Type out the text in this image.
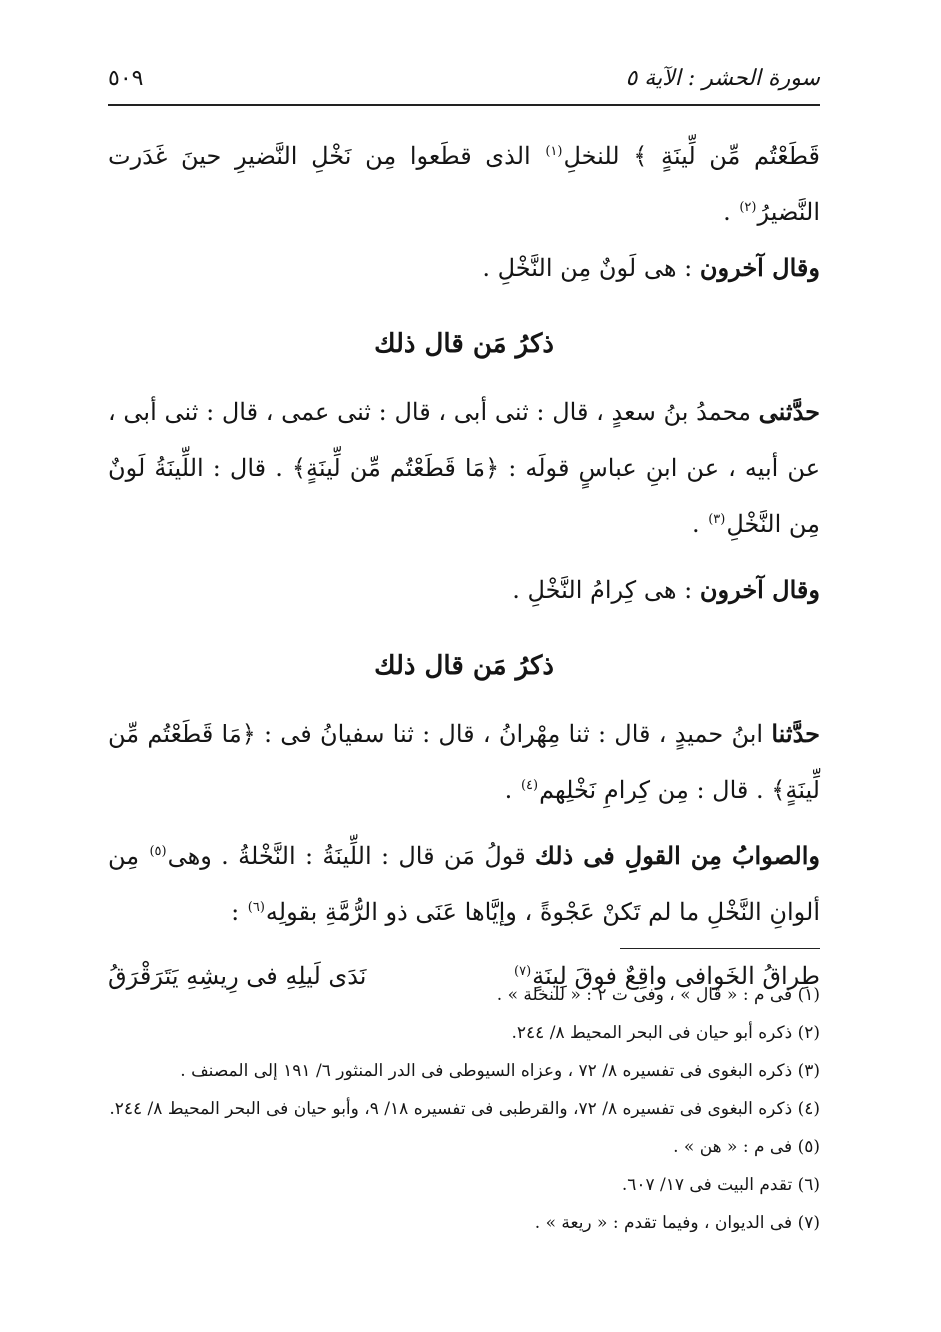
سورة الحشر : الآية ٥
٥٠٩

قَطَعْتُم مِّن لِّينَةٍ ﴾ للنخلِ$^{(١)}$ الذى قطَعوا مِن نَخْلِ النَّضيرِ حينَ غَدَرت النَّضيرُ$^{(٢)}$ .

وقال آخرون : هى لَونٌ مِن النَّخْلِ .

ذكرُ مَن قال ذلك

حدَّثنى محمدُ بنُ سعدٍ ، قال : ثنى أبى ، قال : ثنى عمى ، قال : ثنى أبى ، عن أبيه ، عن ابنِ عباسٍ قولَه : ﴿مَا قَطَعْتُم مِّن لِّينَةٍ﴾ . قال : اللِّينَةُ لَونٌ مِن النَّخْلِ$^{(٣)}$ .

وقال آخرون : هى كِرامُ النَّخْلِ .

ذكرُ مَن قال ذلك

حدَّثنا ابنُ حميدٍ ، قال : ثنا مِهْرانُ ، قال : ثنا سفيانُ فى : ﴿مَا قَطَعْتُم مِّن لِّينَةٍ﴾ . قال : مِن كِرامِ نَخْلِهم$^{(٤)}$ .

والصوابُ مِن القولِ فى ذلك قولُ مَن قال : اللِّينَةُ : النَّخْلةُ . وهى$^{(٥)}$ مِن ألوانِ النَّخْلِ ما لم تَكنْ عَجْوةً ، وإيَّاها عَنَى ذو الرُّمَّةِ بقولِه$^{(٦)}$ :

طِراقُ الخَوافى واقِعٌ فوقَ لِينَةٍ$^{(٧)}$
نَدَى لَيلِهِ فى رِيشِهِ يَتَرَقْرَقُ
(١) فى م : « قال » ، وفى ت ٢ : « للنخلة » .
(٢) ذكره أبو حيان فى البحر المحيط ٨/ ٢٤٤.
(٣) ذكره البغوى فى تفسيره ٨/ ٧٢ ، وعزاه السيوطى فى الدر المنثور ٦/ ١٩١ إلى المصنف .
(٤) ذكره البغوى فى تفسيره ٨/ ٧٢، والقرطبى فى تفسيره ١٨/ ٩، وأبو حيان فى البحر المحيط ٨/ ٢٤٤.
(٥) فى م : « هن » .
(٦) تقدم البيت فى ١٧/ ٦٠٧.
(٧) فى الديوان ، وفيما تقدم : « ريعة » .
